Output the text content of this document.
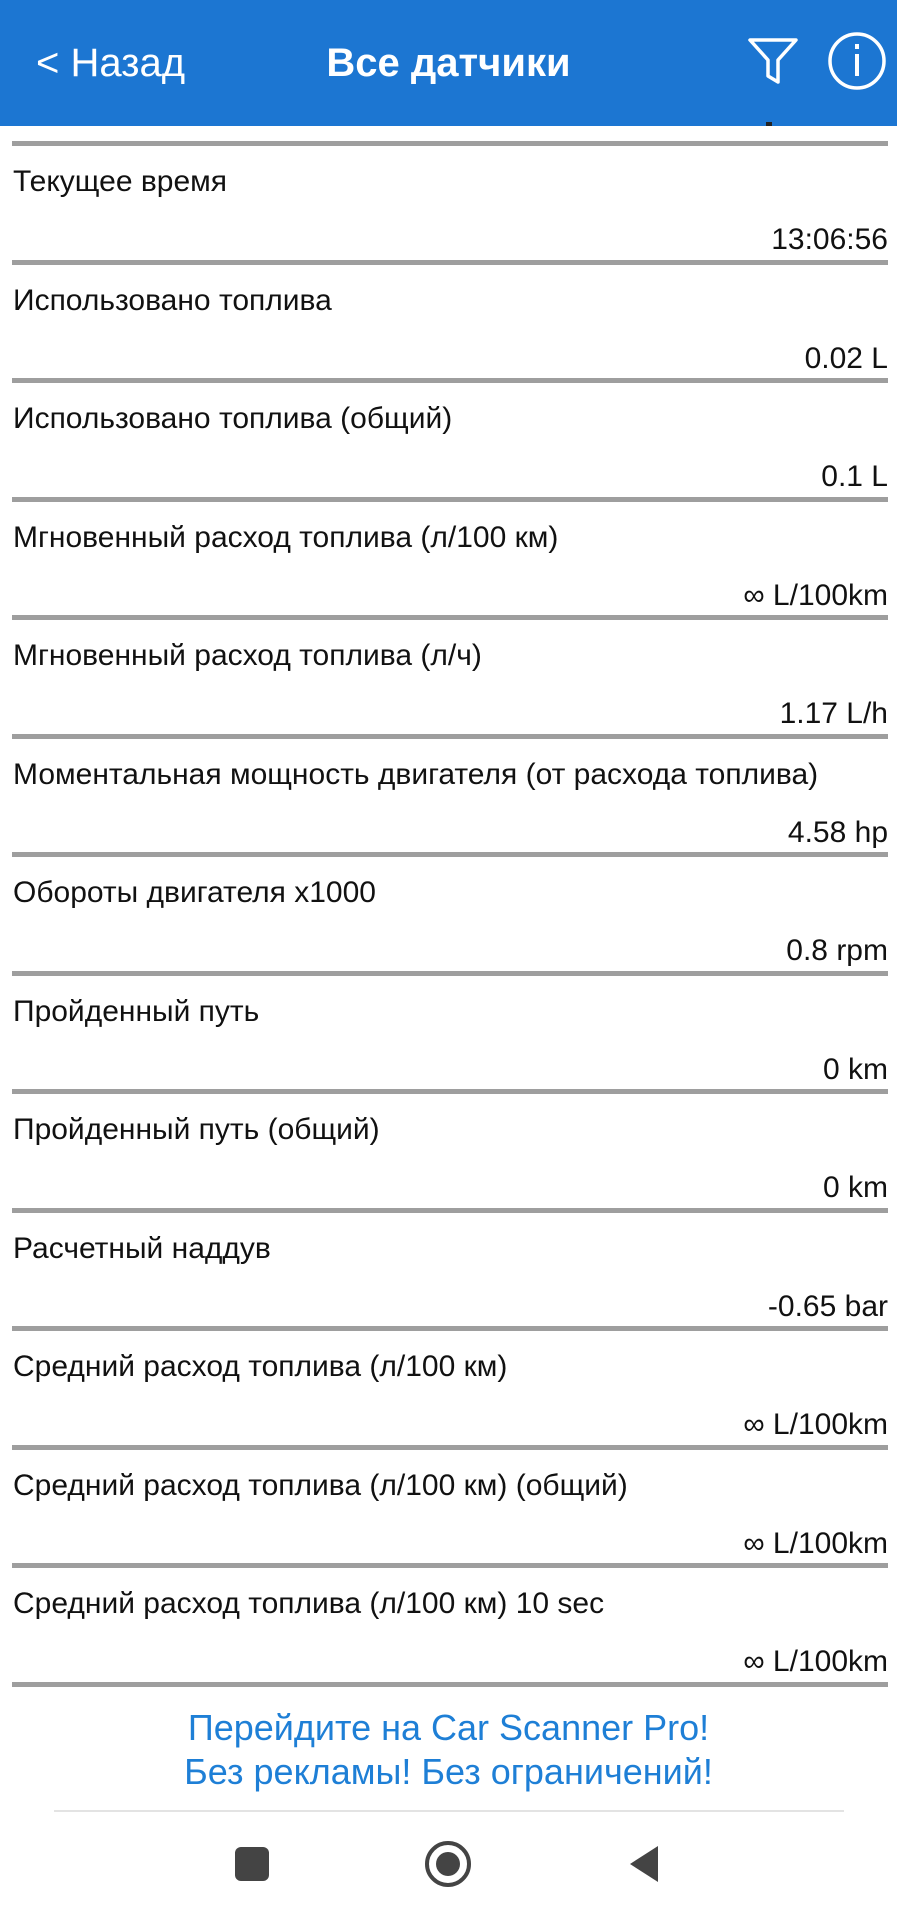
< Назад	Все датчики
Текущее время
13:06:56
Использовано топлива
0.02 L
Использовано топлива (общий)
0.1 L
Мгновенный расход топлива (л/100 км)
∞ L/100km
Мгновенный расход топлива (л/ч)
1.17 L/h
Моментальная мощность двигателя (от расхода топлива)
4.58 hp
Обороты двигателя x1000
0.8 rpm
Пройденный путь
0 km
Пройденный путь (общий)
0 km
Расчетный наддув
-0.65 bar
Средний расход топлива (л/100 км)
∞ L/100km
Средний расход топлива (л/100 км) (общий)
∞ L/100km
Средний расход топлива (л/100 км) 10 sec
∞ L/100km
Перейдите на Car Scanner Pro!
Без рекламы! Без ограничений!
